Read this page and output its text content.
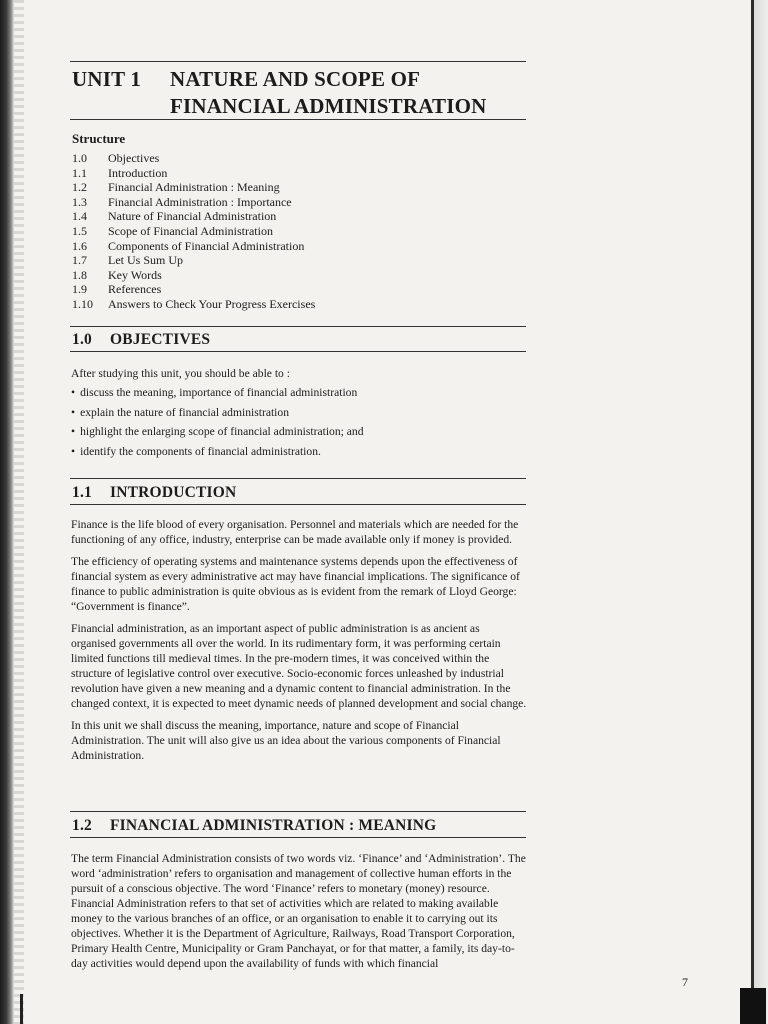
UNIT 1 NATURE AND SCOPE OF
FINANCIAL ADMINISTRATION
Structure
1.0	Objectives
1.1	Introduction
1.2	Financial Administration : Meaning
1.3	Financial Administration : Importance
1.4	Nature of Financial Administration
1.5	Scope of Financial Administration
1.6	Components of Financial Administration
1.7	Let Us Sum Up
1.8	Key Words
1.9	References
1.10	Answers to Check Your Progress Exercises
1.0 OBJECTIVES

After studying this unit, you should be able to :

• discuss the meaning, importance of financial administration
• explain the nature of financial administration
• highlight the enlarging scope of financial administration; and
• identify the components of financial administration.
1.1 INTRODUCTION

Finance is the life blood of every organisation. Personnel and materials which are needed for the functioning of any office, industry, enterprise can be made available only if money is provided.

The efficiency of operating systems and maintenance systems depends upon the effectiveness of financial system as every administrative act may have financial implications. The significance of finance to public administration is quite obvious as is evident from the remark of Lloyd George: “Government is finance”.

Financial administration, as an important aspect of public administration is as ancient as organised governments all over the world. In its rudimentary form, it was performing certain limited functions till medieval times. In the pre-modern times, it was conceived within the structure of legislative control over executive. Socio-economic forces unleashed by industrial revolution have given a new meaning and a dynamic content to financial administration. In the changed context, it is expected to meet dynamic needs of planned development and social change.

In this unit we shall discuss the meaning, importance, nature and scope of Financial Administration. The unit will also give us an idea about the various components of Financial Administration.

1.2 FINANCIAL ADMINISTRATION : MEANING

The term Financial Administration consists of two words viz. ‘Finance’ and ‘Administration’. The word ‘administration’ refers to organisation and management of collective human efforts in the pursuit of a conscious objective. The word ‘Finance’ refers to monetary (money) resource. Financial Administration refers to that set of activities which are related to making available money to the various branches of an office, or an organisation to enable it to carrying out its objectives. Whether it is the Department of Agriculture, Railways, Road Transport Corporation, Primary Health Centre, Municipality or Gram Panchayat, or for that matter, a family, its day-to-day activities would depend upon the availability of funds with which financial

7
